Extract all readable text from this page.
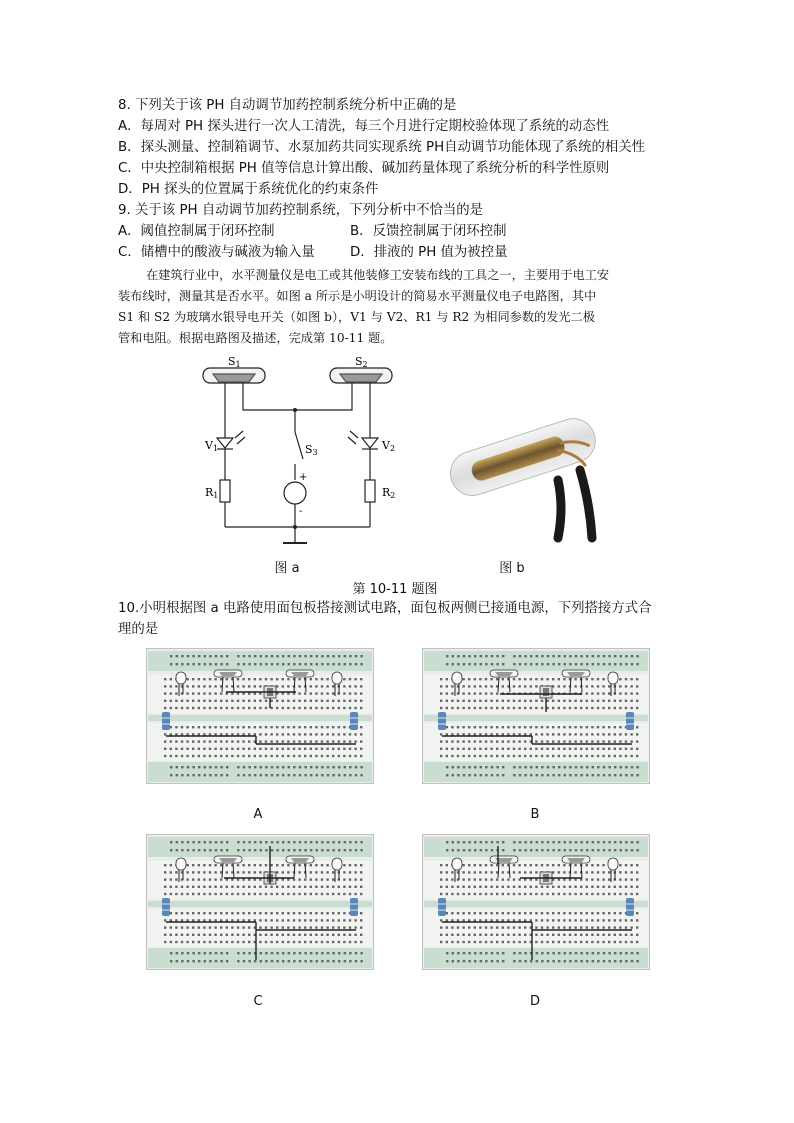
8. 下列关于该 PH 自动调节加药控制系统分析中正确的是
A．每周对 PH 探头进行一次人工清洗，每三个月进行定期校验体现了系统的动态性
B．探头测量、控制箱调节、水泵加药共同实现系统 PH自动调节功能体现了系统的相关性
C．中央控制箱根据 PH 值等信息计算出酸、碱加药量体现了系统分析的科学性原则
D．PH 探头的位置属于系统优化的约束条件
9. 关于该 PH 自动调节加药控制系统，下列分析中不恰当的是
A．阈值控制属于闭环控制	B．反馈控制属于闭环控制
C．储槽中的酸液与碱液为输入量	D．排液的 PH 值为被控量
在建筑行业中，水平测量仪是电工或其他装修工安装布线的工具之一，主要用于电工安
装布线时，测量其是否水平。如图 a 所示是小明设计的简易水平测量仪电子电路图，其中
S1 和 S2 为玻璃水银导电开关（如图 b），V1 与 V2、R1 与 R2 为相同参数的发光二极
管和电阻。根据电路图及描述，完成第 10-11 题。
S1	S2
S3
V1	V2
R1	R2
+
-
图 a	图 b
第 10-11 题图
10.小明根据图 a 电路使用面包板搭接测试电路，面包板两侧已接通电源，下列搭接方式合
理的是
A	B
C	D
